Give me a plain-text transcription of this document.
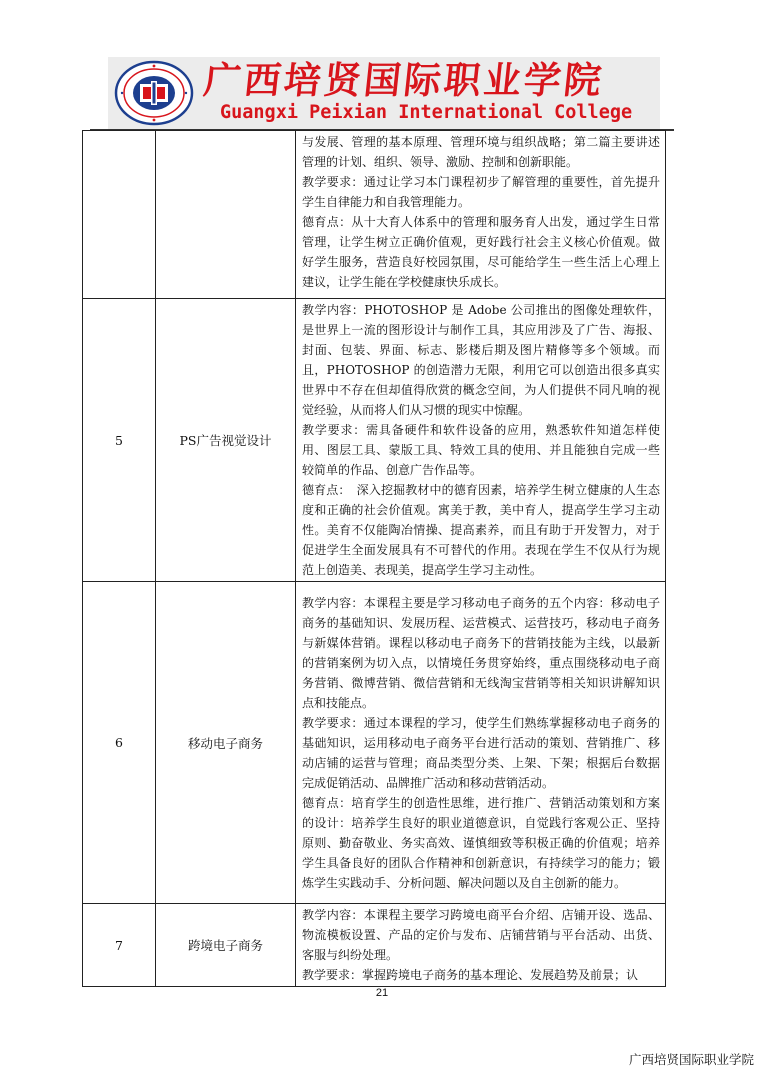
广西培贤国际职业学院
Guangxi Peixian International College

		与发展、管理的基本原理、管理环境与组织战略；第二篇主要讲述管理的计划、组织、领导、激励、控制和创新职能。

教学要求：通过让学习本门课程初步了解管理的重要性，首先提升学生自律能力和自我管理能力。

德育点：从十大育人体系中的管理和服务育人出发，通过学生日常管理，让学生树立正确价值观，更好践行社会主义核心价值观。做好学生服务，营造良好校园氛围，尽可能给学生一些生活上心理上建议，让学生能在学校健康快乐成长。

5	PS广告视觉设计	教学内容：PHOTOSHOP 是 Adobe 公司推出的图像处理软件，是世界上一流的图形设计与制作工具，其应用涉及了广告、海报、封面、包装、界面、标志、影楼后期及图片精修等多个领域。而且，PHOTOSHOP 的创造潜力无限，利用它可以创造出很多真实世界中不存在但却值得欣赏的概念空间，为人们提供不同凡响的视觉经验，从而将人们从习惯的现实中惊醒。

教学要求：需具备硬件和软件设备的应用，熟悉软件知道怎样使用、图层工具、蒙版工具、特效工具的使用、并且能独自完成一些较简单的作品、创意广告作品等。

德育点：　深入挖掘教材中的德育因素，培养学生树立健康的人生态度和正确的社会价值观。寓美于教，美中育人，提高学生学习主动性。美育不仅能陶冶情操、提高素养，而且有助于开发智力，对于促进学生全面发展具有不可替代的作用。表现在学生不仅从行为规范上创造美、表现美，提高学生学习主动性。

6	移动电子商务	教学内容：本课程主要是学习移动电子商务的五个内容：移动电子商务的基础知识、发展历程、运营模式、运营技巧，移动电子商务与新媒体营销。课程以移动电子商务下的营销技能为主线，以最新的营销案例为切入点，以情境任务贯穿始终，重点围绕移动电子商务营销、微博营销、微信营销和无线淘宝营销等相关知识讲解知识点和技能点。

教学要求：通过本课程的学习，使学生们熟练掌握移动电子商务的基础知识，运用移动电子商务平台进行活动的策划、营销推广、移动店铺的运营与管理；商品类型分类、上架、下架；根据后台数据完成促销活动、品牌推广活动和移动营销活动。

德育点：培育学生的创造性思维，进行推广、营销活动策划和方案的设计：培养学生良好的职业道德意识，自觉践行客观公正、坚持原则、勤奋敬业、务实高效、谨慎细致等积极正确的价值观；培养学生具备良好的团队合作精神和创新意识，有持续学习的能力；锻炼学生实践动手、分析问题、解决问题以及自主创新的能力。

7	跨境电子商务	教学内容：本课程主要学习跨境电商平台介绍、店铺开设、选品、物流模板设置、产品的定价与发布、店铺营销与平台活动、出货、客服与纠纷处理。

教学要求：掌握跨境电子商务的基本理论、发展趋势及前景；认

21
广西培贤国际职业学院
